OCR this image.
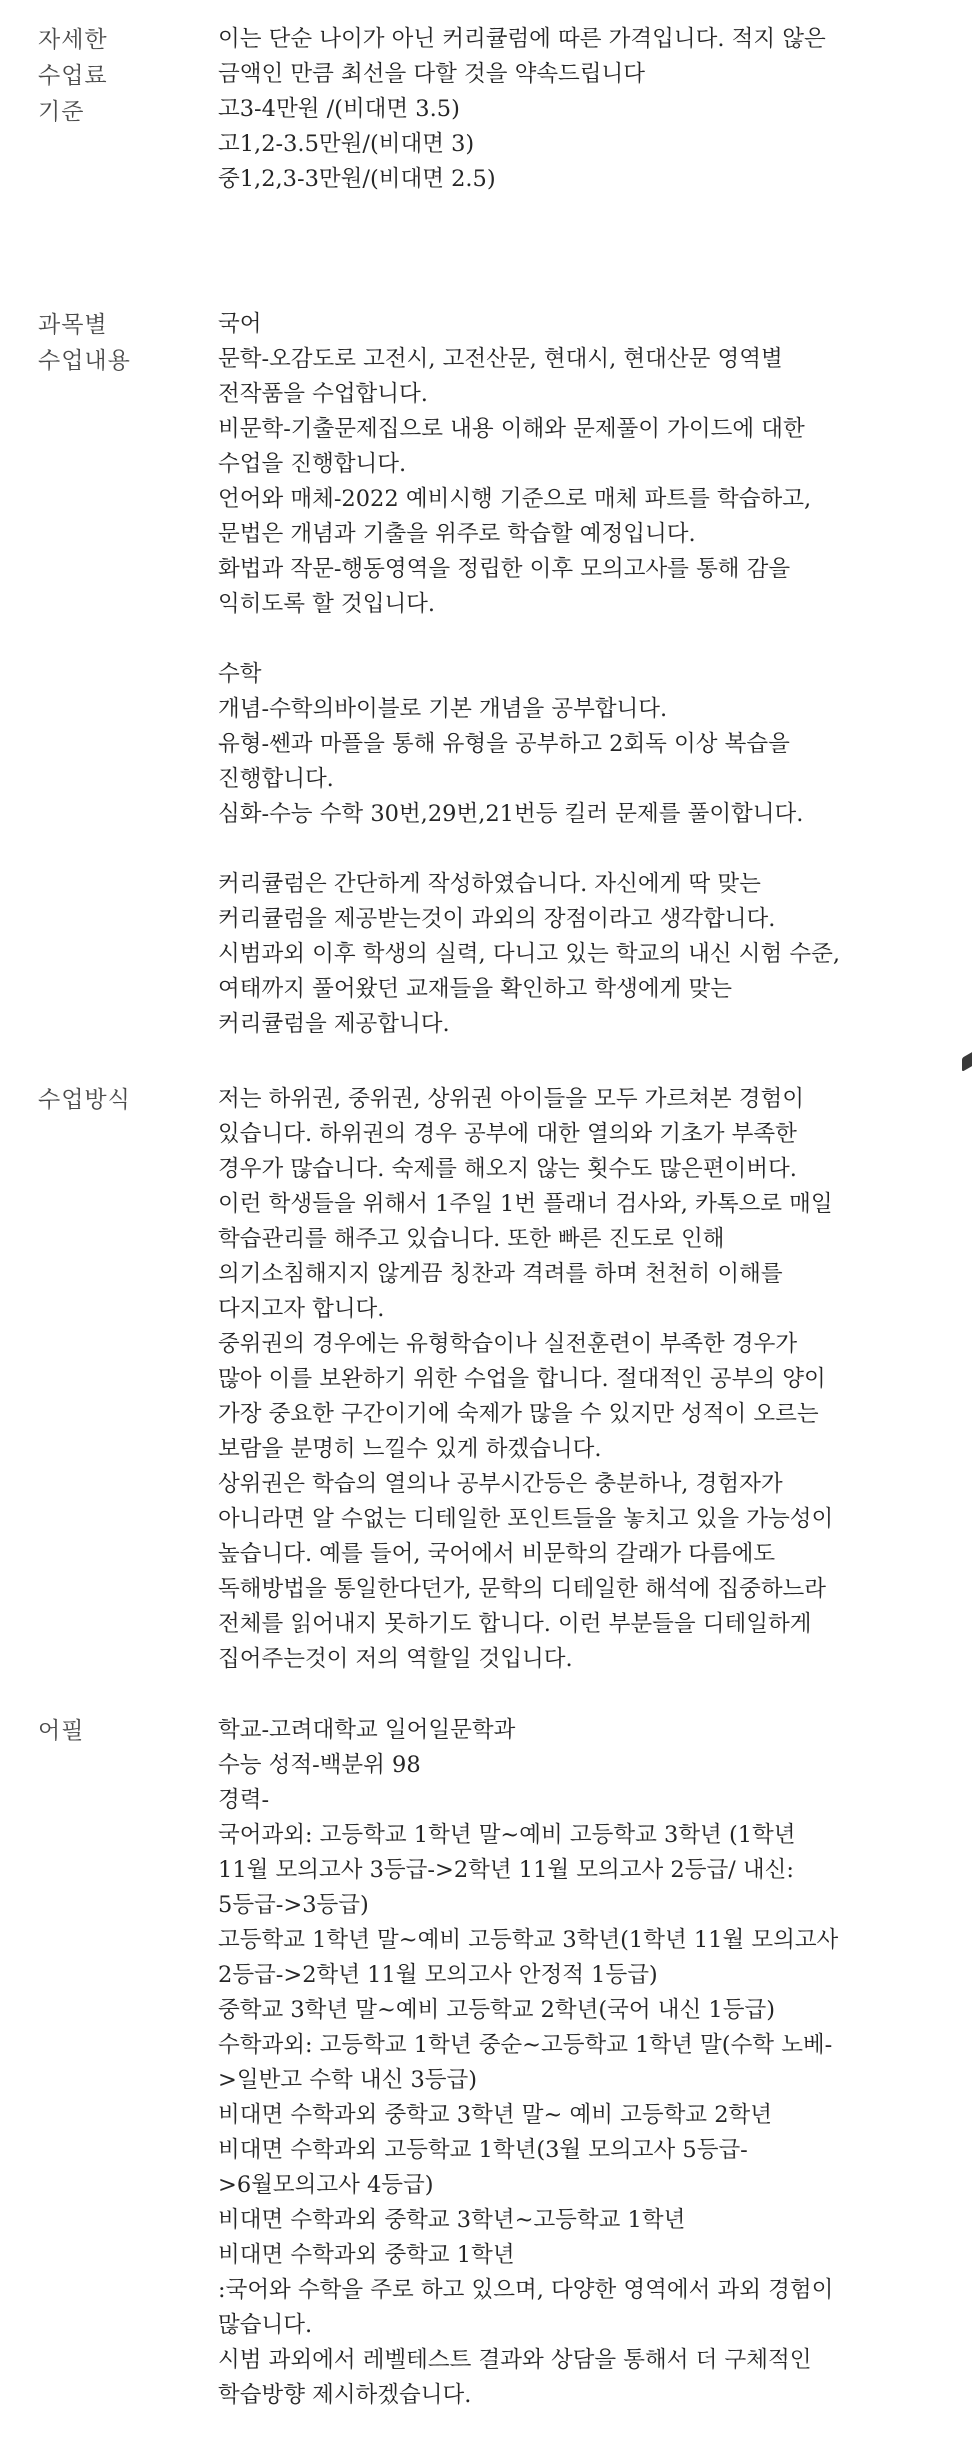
자세한
수업료
기준
이는 단순 나이가 아닌 커리큘럼에 따른 가격입니다. 적지 않은
금액인 만큼 최선을 다할 것을 약속드립니다
고3-4만원 /(비대면 3.5)
고1,2-3.5만원/(비대면 3)
중1,2,3-3만원/(비대면 2.5)
과목별
수업내용
국어
문학-오감도로 고전시, 고전산문, 현대시, 현대산문 영역별
전작품을 수업합니다.
비문학-기출문제집으로 내용 이해와 문제풀이 가이드에 대한
수업을 진행합니다.
언어와 매체-2022 예비시행 기준으로 매체 파트를 학습하고,
문법은 개념과 기출을 위주로 학습할 예정입니다.
화법과 작문-행동영역을 정립한 이후 모의고사를 통해 감을
익히도록 할 것입니다.
수학
개념-수학의바이블로 기본 개념을 공부합니다.
유형-쎈과 마플을 통해 유형을 공부하고 2회독 이상 복습을
진행합니다.
심화-수능 수학 30번,29번,21번등 킬러 문제를 풀이합니다.
커리큘럼은 간단하게 작성하였습니다. 자신에게 딱 맞는
커리큘럼을 제공받는것이 과외의 장점이라고 생각합니다.
시범과외 이후 학생의 실력, 다니고 있는 학교의 내신 시험 수준,
여태까지 풀어왔던 교재들을 확인하고 학생에게 맞는
커리큘럼을 제공합니다.
수업방식	저는 하위권, 중위권, 상위권 아이들을 모두 가르쳐본 경험이
있습니다. 하위권의 경우 공부에 대한 열의와 기초가 부족한
경우가 많습니다. 숙제를 해오지 않는 횟수도 많은편이버다.
이런 학생들을 위해서 1주일 1번 플래너 검사와, 카톡으로 매일
학습관리를 해주고 있습니다. 또한 빠른 진도로 인해
의기소침해지지 않게끔 칭찬과 격려를 하며 천천히 이해를
다지고자 합니다.
중위권의 경우에는 유형학습이나 실전훈련이 부족한 경우가
많아 이를 보완하기 위한 수업을 합니다. 절대적인 공부의 양이
가장 중요한 구간이기에 숙제가 많을 수 있지만 성적이 오르는
보람을 분명히 느낄수 있게 하겠습니다.
상위권은 학습의 열의나 공부시간등은 충분하나, 경험자가
아니라면 알 수없는 디테일한 포인트들을 놓치고 있을 가능성이
높습니다. 예를 들어, 국어에서 비문학의 갈래가 다름에도
독해방법을 통일한다던가, 문학의 디테일한 해석에 집중하느라
전체를 읽어내지 못하기도 합니다. 이런 부분들을 디테일하게
집어주는것이 저의 역할일 것입니다.
어필	학교-고려대학교 일어일문학과
수능 성적-백분위 98
경력-
국어과외: 고등학교 1학년 말~예비 고등학교 3학년 (1학년
11월 모의고사 3등급->2학년 11월 모의고사 2등급/ 내신:
5등급->3등급)
고등학교 1학년 말~예비 고등학교 3학년(1학년 11월 모의고사
2등급->2학년 11월 모의고사 안정적 1등급)
중학교 3학년 말~예비 고등학교 2학년(국어 내신 1등급)
수학과외: 고등학교 1학년 중순~고등학교 1학년 말(수학 노베-
>일반고 수학 내신 3등급)
비대면 수학과외 중학교 3학년 말~ 예비 고등학교 2학년
비대면 수학과외 고등학교 1학년(3월 모의고사 5등급-
>6월모의고사 4등급)
비대면 수학과외 중학교 3학년~고등학교 1학년
비대면 수학과외 중학교 1학년
:국어와 수학을 주로 하고 있으며, 다양한 영역에서 과외 경험이
많습니다.
시범 과외에서 레벨테스트 결과와 상담을 통해서 더 구체적인
학습방향 제시하겠습니다.
